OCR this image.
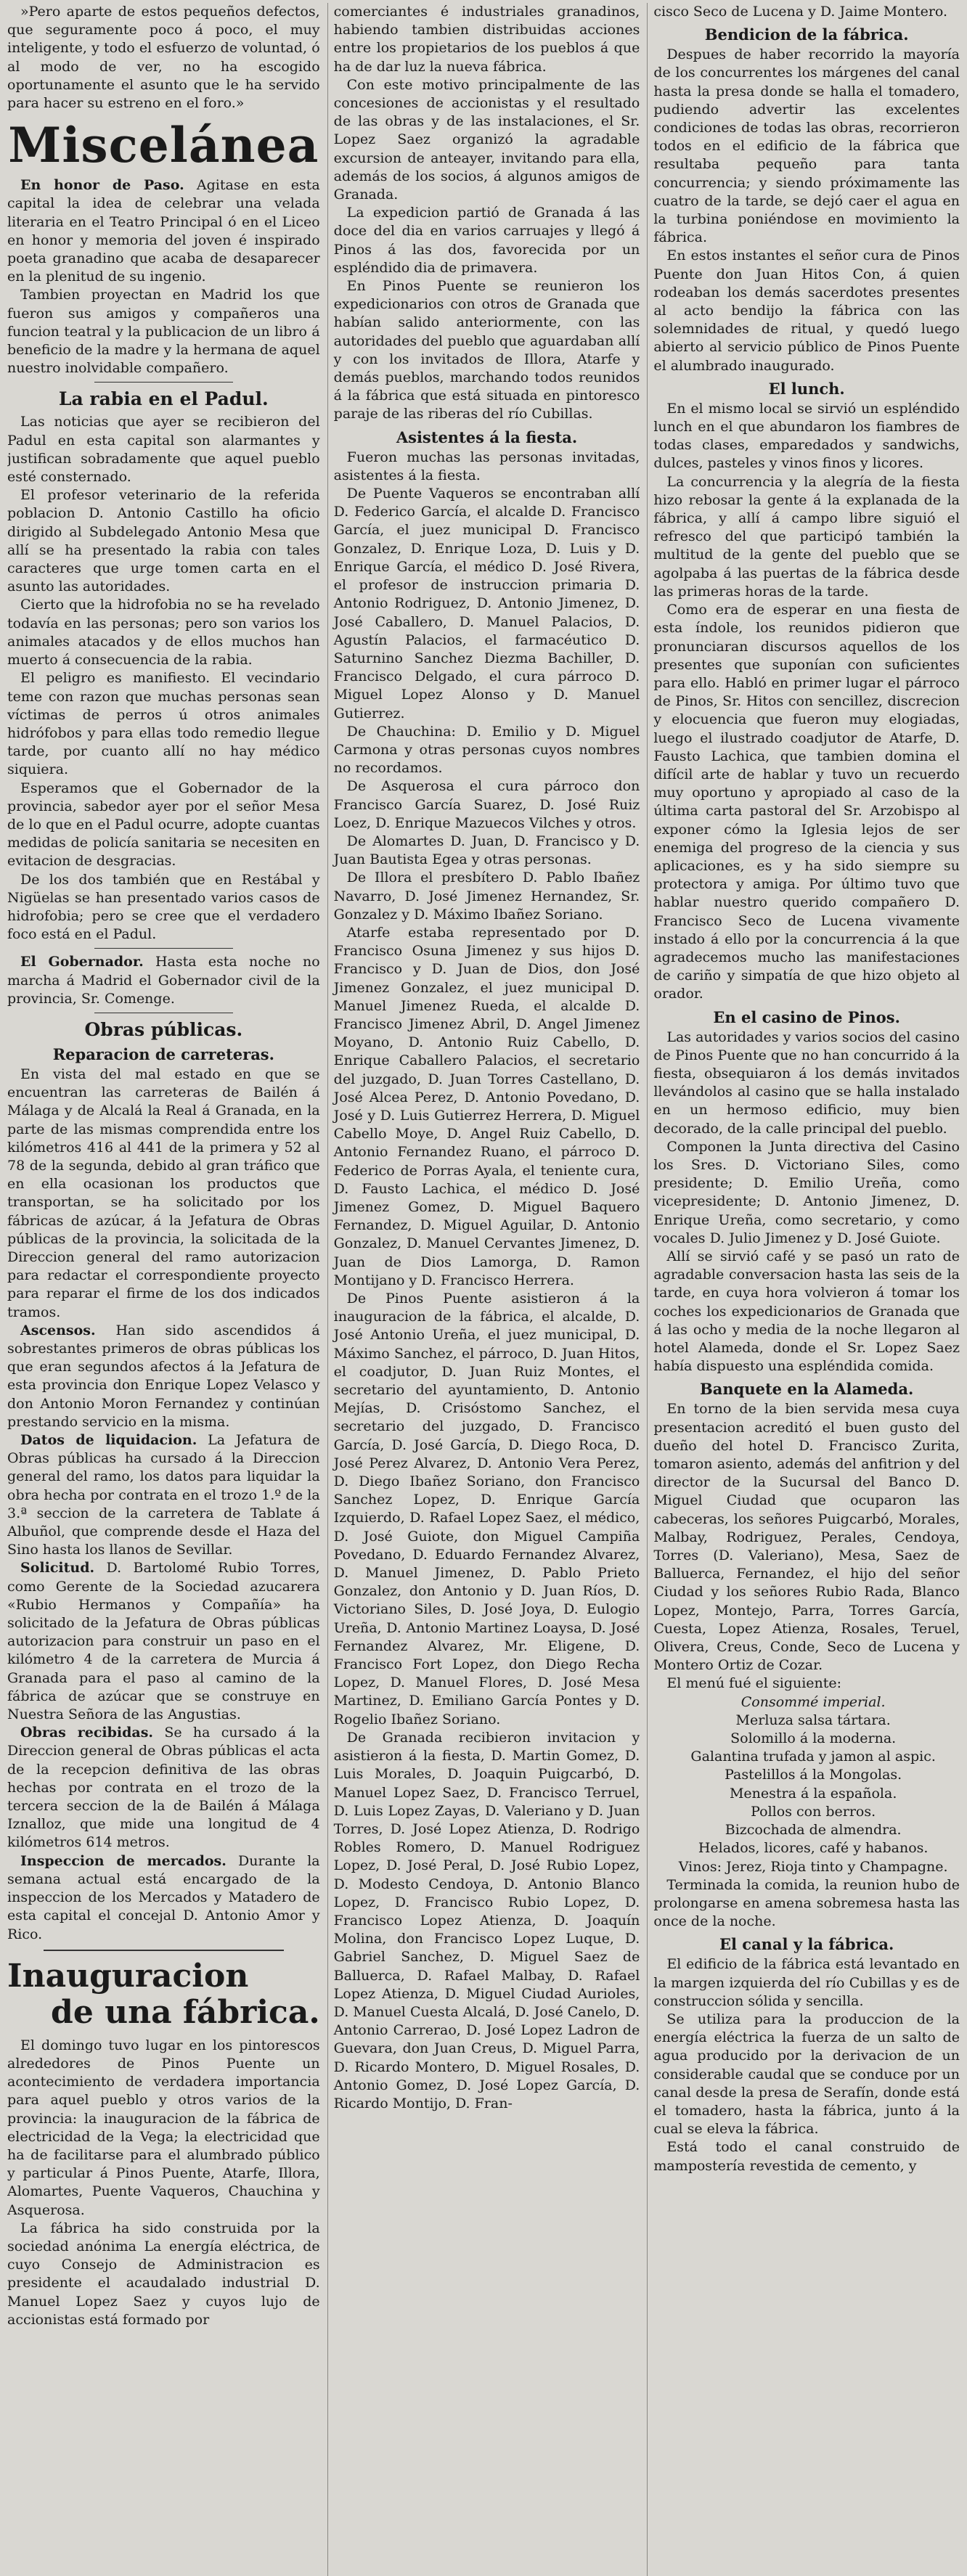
»Pero aparte de estos pequeños defectos, que seguramente poco á poco, el muy inteligente, y todo el esfuerzo de voluntad, ó al modo de ver, no ha escogido oportunamente el asunto que le ha servido para hacer su estreno en el foro.»

Miscelánea

En honor de Paso. Agitase en esta capital la idea de celebrar una velada literaria en el Teatro Principal ó en el Liceo en honor y memoria del joven é inspirado poeta granadino que acaba de desaparecer en la plenitud de su ingenio.

Tambien proyectan en Madrid los que fueron sus amigos y compañeros una funcion teatral y la publicacion de un libro á beneficio de la madre y la hermana de aquel nuestro inolvidable compañero.

La rabia en el Padul.

Las noticias que ayer se recibieron del Padul en esta capital son alarmantes y justifican sobradamente que aquel pueblo esté consternado.

El profesor veterinario de la referida poblacion D. Antonio Castillo ha oficio dirigido al Subdelegado Antonio Mesa que allí se ha presentado la rabia con tales caracteres que urge tomen carta en el asunto las autoridades.

Cierto que la hidrofobia no se ha revelado todavía en las personas; pero son varios los animales atacados y de ellos muchos han muerto á consecuencia de la rabia.

El peligro es manifiesto. El vecindario teme con razon que muchas personas sean víctimas de perros ú otros animales hidrófobos y para ellas todo remedio llegue tarde, por cuanto allí no hay médico siquiera.

Esperamos que el Gobernador de la provincia, sabedor ayer por el señor Mesa de lo que en el Padul ocurre, adopte cuantas medidas de policía sanitaria se necesiten en evitacion de desgracias.

De los dos también que en Restábal y Nigüelas se han presentado varios casos de hidrofobia; pero se cree que el verdadero foco está en el Padul.

El Gobernador. Hasta esta noche no marcha á Madrid el Gobernador civil de la provincia, Sr. Comenge.

Obras públicas.
Reparacion de carreteras.

En vista del mal estado en que se encuentran las carreteras de Bailén á Málaga y de Alcalá la Real á Granada, en la parte de las mismas comprendida entre los kilómetros 416 al 441 de la primera y 52 al 78 de la segunda, debido al gran tráfico que en ella ocasionan los productos que transportan, se ha solicitado por los fábricas de azúcar, á la Jefatura de Obras públicas de la provincia, la solicitada de la Direccion general del ramo autorizacion para redactar el correspondiente proyecto para reparar el firme de los dos indicados tramos.

Ascensos. Han sido ascendidos á sobrestantes primeros de obras públicas los que eran segundos afectos á la Jefatura de esta provincia don Enrique Lopez Velasco y don Antonio Moron Fernandez y continúan prestando servicio en la misma.

Datos de liquidacion. La Jefatura de Obras públicas ha cursado á la Direccion general del ramo, los datos para liquidar la obra hecha por contrata en el trozo 1.º de la 3.ª seccion de la carretera de Tablate á Albuñol, que comprende desde el Haza del Sino hasta los llanos de Sevillar.

Solicitud. D. Bartolomé Rubio Torres, como Gerente de la Sociedad azucarera «Rubio Hermanos y Compañía» ha solicitado de la Jefatura de Obras públicas autorizacion para construir un paso en el kilómetro 4 de la carretera de Murcia á Granada para el paso al camino de la fábrica de azúcar que se construye en Nuestra Señora de las Angustias.

Obras recibidas. Se ha cursado á la Direccion general de Obras públicas el acta de la recepcion definitiva de las obras hechas por contrata en el trozo de la tercera seccion de la de Bailén á Málaga Iznalloz, que mide una longitud de 4 kilómetros 614 metros.

Inspeccion de mercados. Durante la semana actual está encargado de la inspeccion de los Mercados y Matadero de esta capital el concejal D. Antonio Amor y Rico.

Inauguracion
de una fábrica.

El domingo tuvo lugar en los pintorescos alrededores de Pinos Puente un acontecimiento de verdadera importancia para aquel pueblo y otros varios de la provincia: la inauguracion de la fábrica de electricidad de la Vega; la electricidad que ha de facilitarse para el alumbrado público y particular á Pinos Puente, Atarfe, Illora, Alomartes, Puente Vaqueros, Chauchina y Asquerosa.

La fábrica ha sido construida por la sociedad anónima La energía eléctrica, de cuyo Consejo de Administracion es presidente el acaudalado industrial D. Manuel Lopez Saez y cuyos lujo de accionistas está formado por

comerciantes é industriales granadinos, habiendo tambien distribuidas acciones entre los propietarios de los pueblos á que ha de dar luz la nueva fábrica.

Con este motivo principalmente de las concesiones de accionistas y el resultado de las obras y de las instalaciones, el Sr. Lopez Saez organizó la agradable excursion de anteayer, invitando para ella, además de los socios, á algunos amigos de Granada.

La expedicion partió de Granada á las doce del dia en varios carruajes y llegó á Pinos á las dos, favorecida por un espléndido dia de primavera.

En Pinos Puente se reunieron los expedicionarios con otros de Granada que habían salido anteriormente, con las autoridades del pueblo que aguardaban allí y con los invitados de Illora, Atarfe y demás pueblos, marchando todos reunidos á la fábrica que está situada en pintoresco paraje de las riberas del río Cubillas.

Asistentes á la fiesta.

Fueron muchas las personas invitadas, asistentes á la fiesta.

De Puente Vaqueros se encontraban allí D. Federico García, el alcalde D. Francisco García, el juez municipal D. Francisco Gonzalez, D. Enrique Loza, D. Luis y D. Enrique García, el médico D. José Rivera, el profesor de instruccion primaria D. Antonio Rodriguez, D. Antonio Jimenez, D. José Caballero, D. Manuel Palacios, D. Agustín Palacios, el farmacéutico D. Saturnino Sanchez Diezma Bachiller, D. Francisco Delgado, el cura párroco D. Miguel Lopez Alonso y D. Manuel Gutierrez.

De Chauchina: D. Emilio y D. Miguel Carmona y otras personas cuyos nombres no recordamos.

De Asquerosa el cura párroco don Francisco García Suarez, D. José Ruiz Loez, D. Enrique Mazuecos Vilches y otros.

De Alomartes D. Juan, D. Francisco y D. Juan Bautista Egea y otras personas.

De Illora el presbítero D. Pablo Ibañez Navarro, D. José Jimenez Hernandez, Sr. Gonzalez y D. Máximo Ibañez Soriano.

Atarfe estaba representado por D. Francisco Osuna Jimenez y sus hijos D. Francisco y D. Juan de Dios, don José Jimenez Gonzalez, el juez municipal D. Manuel Jimenez Rueda, el alcalde D. Francisco Jimenez Abril, D. Angel Jimenez Moyano, D. Antonio Ruiz Cabello, D. Enrique Caballero Palacios, el secretario del juzgado, D. Juan Torres Castellano, D. José Alcea Perez, D. Antonio Povedano, D. José y D. Luis Gutierrez Herrera, D. Miguel Cabello Moye, D. Angel Ruiz Cabello, D. Antonio Fernandez Ruano, el párroco D. Federico de Porras Ayala, el teniente cura, D. Fausto Lachica, el médico D. José Jimenez Gomez, D. Miguel Baquero Fernandez, D. Miguel Aguilar, D. Antonio Gonzalez, D. Manuel Cervantes Jimenez, D. Juan de Dios Lamorga, D. Ramon Montijano y D. Francisco Herrera.

De Pinos Puente asistieron á la inauguracion de la fábrica, el alcalde, D. José Antonio Ureña, el juez municipal, D. Máximo Sanchez, el párroco, D. Juan Hitos, el coadjutor, D. Juan Ruiz Montes, el secretario del ayuntamiento, D. Antonio Mejías, D. Crisóstomo Sanchez, el secretario del juzgado, D. Francisco García, D. José García, D. Diego Roca, D. José Perez Alvarez, D. Antonio Vera Perez, D. Diego Ibañez Soriano, don Francisco Sanchez Lopez, D. Enrique García Izquierdo, D. Rafael Lopez Saez, el médico, D. José Guiote, don Miguel Campiña Povedano, D. Eduardo Fernandez Alvarez, D. Manuel Jimenez, D. Pablo Prieto Gonzalez, don Antonio y D. Juan Ríos, D. Victoriano Siles, D. José Joya, D. Eulogio Ureña, D. Antonio Martinez Loaysa, D. José Fernandez Alvarez, Mr. Eligene, D. Francisco Fort Lopez, don Diego Recha Lopez, D. Manuel Flores, D. José Mesa Martinez, D. Emiliano García Pontes y D. Rogelio Ibañez Soriano.

De Granada recibieron invitacion y asistieron á la fiesta, D. Martin Gomez, D. Luis Morales, D. Joaquin Puigcarbó, D. Manuel Lopez Saez, D. Francisco Terruel, D. Luis Lopez Zayas, D. Valeriano y D. Juan Torres, D. José Lopez Atienza, D. Rodrigo Robles Romero, D. Manuel Rodriguez Lopez, D. José Peral, D. José Rubio Lopez, D. Modesto Cendoya, D. Antonio Blanco Lopez, D. Francisco Rubio Lopez, D. Francisco Lopez Atienza, D. Joaquín Molina, don Francisco Lopez Luque, D. Gabriel Sanchez, D. Miguel Saez de Balluerca, D. Rafael Malbay, D. Rafael Lopez Atienza, D. Miguel Ciudad Aurioles, D. Manuel Cuesta Alcalá, D. José Canelo, D. Antonio Carrerao, D. José Lopez Ladron de Guevara, don Juan Creus, D. Miguel Parra, D. Ricardo Montero, D. Miguel Rosales, D. Antonio Gomez, D. José Lopez García, D. Ricardo Montijo, D. Fran-

cisco Seco de Lucena y D. Jaime Montero.

Bendicion de la fábrica.

Despues de haber recorrido la mayoría de los concurrentes los márgenes del canal hasta la presa donde se halla el tomadero, pudiendo advertir las excelentes condiciones de todas las obras, recorrieron todos en el edificio de la fábrica que resultaba pequeño para tanta concurrencia; y siendo próximamente las cuatro de la tarde, se dejó caer el agua en la turbina poniéndose en movimiento la fábrica.

En estos instantes el señor cura de Pinos Puente don Juan Hitos Con, á quien rodeaban los demás sacerdotes presentes al acto bendijo la fábrica con las solemnidades de ritual, y quedó luego abierto al servicio público de Pinos Puente el alumbrado inaugurado.

El lunch.

En el mismo local se sirvió un espléndido lunch en el que abundaron los fiambres de todas clases, emparedados y sandwichs, dulces, pasteles y vinos finos y licores.

La concurrencia y la alegría de la fiesta hizo rebosar la gente á la explanada de la fábrica, y allí á campo libre siguió el refresco del que participó también la multitud de la gente del pueblo que se agolpaba á las puertas de la fábrica desde las primeras horas de la tarde.

Como era de esperar en una fiesta de esta índole, los reunidos pidieron que pronunciaran discursos aquellos de los presentes que suponían con suficientes para ello. Habló en primer lugar el párroco de Pinos, Sr. Hitos con sencillez, discrecion y elocuencia que fueron muy elogiadas, luego el ilustrado coadjutor de Atarfe, D. Fausto Lachica, que tambien domina el difícil arte de hablar y tuvo un recuerdo muy oportuno y apropiado al caso de la última carta pastoral del Sr. Arzobispo al exponer cómo la Iglesia lejos de ser enemiga del progreso de la ciencia y sus aplicaciones, es y ha sido siempre su protectora y amiga. Por último tuvo que hablar nuestro querido compañero D. Francisco Seco de Lucena vivamente instado á ello por la concurrencia á la que agradecemos mucho las manifestaciones de cariño y simpatía de que hizo objeto al orador.

En el casino de Pinos.

Las autoridades y varios socios del casino de Pinos Puente que no han concurrido á la fiesta, obsequiaron á los demás invitados llevándolos al casino que se halla instalado en un hermoso edificio, muy bien decorado, de la calle principal del pueblo.

Componen la Junta directiva del Casino los Sres. D. Victoriano Siles, como presidente; D. Emilio Ureña, como vicepresidente; D. Antonio Jimenez, D. Enrique Ureña, como secretario, y como vocales D. Julio Jimenez y D. José Guiote.

Allí se sirvió café y se pasó un rato de agradable conversacion hasta las seis de la tarde, en cuya hora volvieron á tomar los coches los expedicionarios de Granada que á las ocho y media de la noche llegaron al hotel Alameda, donde el Sr. Lopez Saez había dispuesto una espléndida comida.

Banquete en la Alameda.

En torno de la bien servida mesa cuya presentacion acreditó el buen gusto del dueño del hotel D. Francisco Zurita, tomaron asiento, además del anfitrion y del director de la Sucursal del Banco D. Miguel Ciudad que ocuparon las cabeceras, los señores Puigcarbó, Morales, Malbay, Rodriguez, Perales, Cendoya, Torres (D. Valeriano), Mesa, Saez de Balluerca, Fernandez, el hijo del señor Ciudad y los señores Rubio Rada, Blanco Lopez, Montejo, Parra, Torres García, Cuesta, Lopez Atienza, Rosales, Teruel, Olivera, Creus, Conde, Seco de Lucena y Montero Ortiz de Cozar.

El menú fué el siguiente:

Consommé imperial.

Merluza salsa tártara.

Solomillo á la moderna.

Galantina trufada y jamon al aspic.

Pastelillos á la Mongolas.

Menestra á la española.

Pollos con berros.

Bizcochada de almendra.

Helados, licores, café y habanos.

Vinos: Jerez, Rioja tinto y Champagne.

Terminada la comida, la reunion hubo de prolongarse en amena sobremesa hasta las once de la noche.

El canal y la fábrica.

El edificio de la fábrica está levantado en la margen izquierda del río Cubillas y es de construccion sólida y sencilla.

Se utiliza para la produccion de la energía eléctrica la fuerza de un salto de agua producido por la derivacion de un considerable caudal que se conduce por un canal desde la presa de Serafín, donde está el tomadero, hasta la fábrica, junto á la cual se eleva la fábrica.

Está todo el canal construido de mampostería revestida de cemento, y
